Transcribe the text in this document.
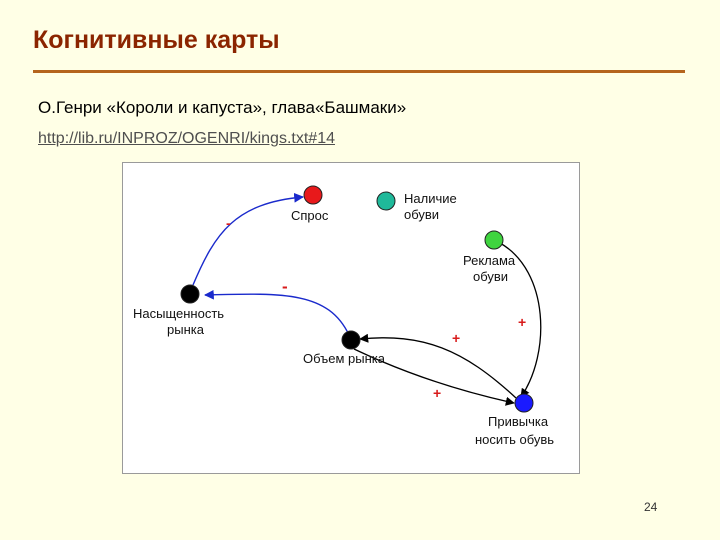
Когнитивные карты
О.Генри «Короли и капуста», глава«Башмаки»
http://lib.ru/INPROZ/OGENRI/kings.txt#14
-
-
+
+
+
Спрос
Наличие
обуви
Реклама
обуви
Насыщенность
рынка
Объем рынка
Привычка
носить обувь
24
